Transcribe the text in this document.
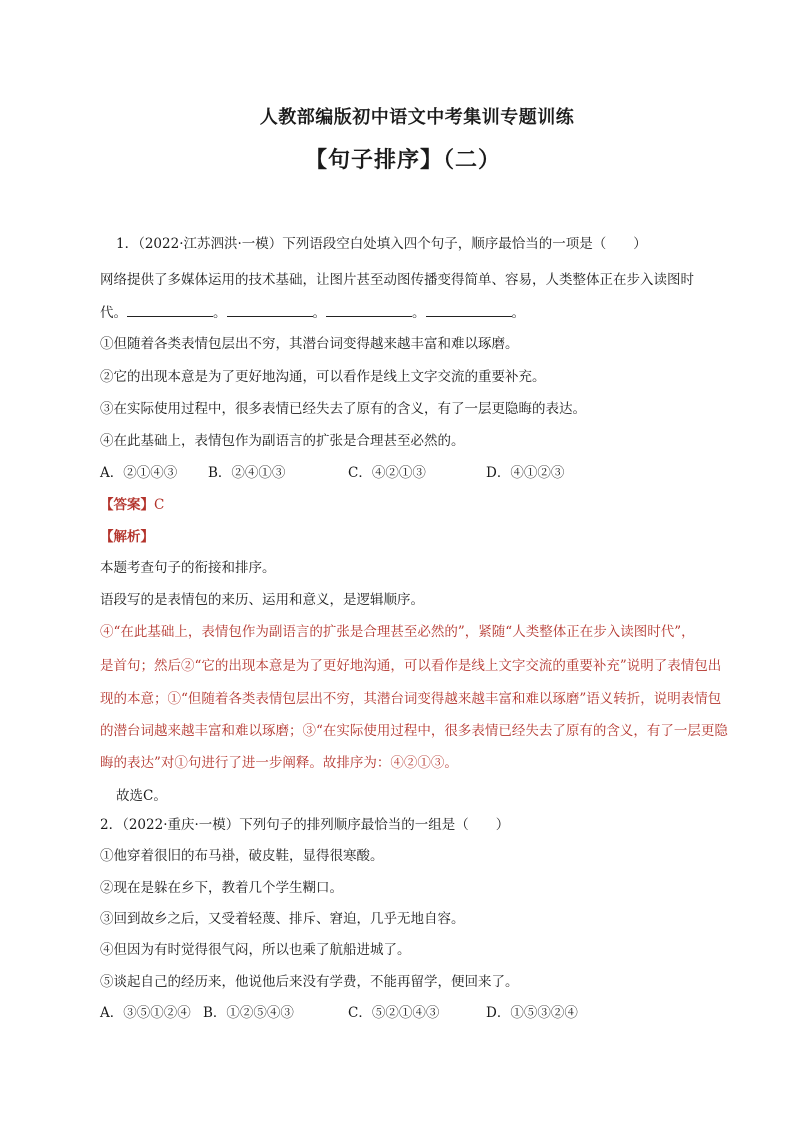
人教部编版初中语文中考集训专题训练
【句子排序】（二）
1．（2022·江苏泗洪·一模）下列语段空白处填入四个句子，顺序最恰当的一项是（　　）
网络提供了多媒体运用的技术基础，让图片甚至动图传播变得简单、容易，人类整体正在步入读图时
代。	。	。	。	。
①但随着各类表情包层出不穷，其潜台词变得越来越丰富和难以琢磨。
②它的出现本意是为了更好地沟通，可以看作是线上文字交流的重要补充。
③在实际使用过程中，很多表情已经失去了原有的含义，有了一层更隐晦的表达。
④在此基础上，表情包作为副语言的扩张是合理甚至必然的。
A．②①④③ B．②④①③	C．④②①③	D．④①②③
【答案】C
【解析】
本题考查句子的衔接和排序。
语段写的是表情包的来历、运用和意义，是逻辑顺序。
④“在此基础上，表情包作为副语言的扩张是合理甚至必然的”，紧随“人类整体正在步入读图时代”，
是首句；然后②“它的出现本意是为了更好地沟通，可以看作是线上文字交流的重要补充”说明了表情包出
现的本意；①“但随着各类表情包层出不穷，其潜台词变得越来越丰富和难以琢磨”语义转折，说明表情包
的潜台词越来越丰富和难以琢磨；③“在实际使用过程中，很多表情已经失去了原有的含义，有了一层更隐
晦的表达”对①句进行了进一步阐释。故排序为：④②①③。
故选C。
2．（2022·重庆·一模）下列句子的排列顺序最恰当的一组是（　　）
①他穿着很旧的布马褂，破皮鞋，显得很寒酸。
②现在是躲在乡下，教着几个学生糊口。
③回到故乡之后，又受着轻蔑、排斥、窘迫，几乎无地自容。
④但因为有时觉得很气闷，所以也乘了航船进城了。
⑤谈起自己的经历来，他说他后来没有学费，不能再留学，便回来了。
A．③⑤①②④ B．①②⑤④③	C．⑤②①④③	D．①⑤③②④
